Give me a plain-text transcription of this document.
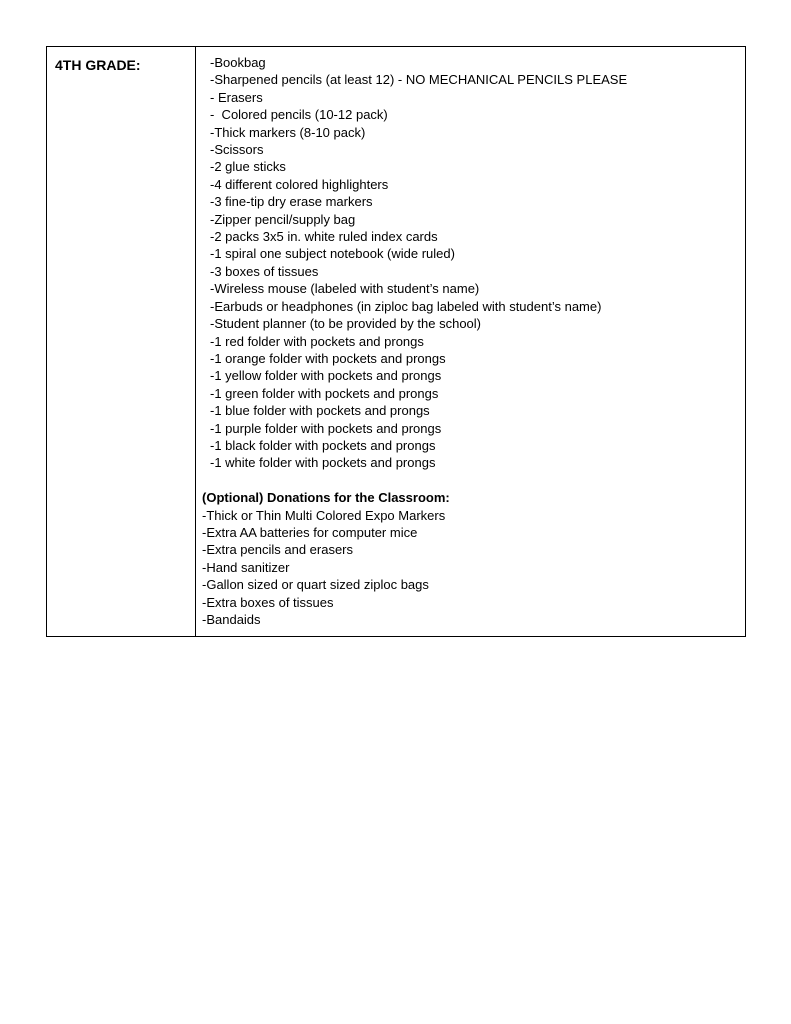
4TH GRADE:	-Bookbag
-Sharpened pencils (at least 12) - NO MECHANICAL PENCILS PLEASE
- Erasers
-  Colored pencils (10-12 pack)
-Thick markers (8-10 pack)
-Scissors
-2 glue sticks
-4 different colored highlighters
-3 fine-tip dry erase markers
-Zipper pencil/supply bag
-2 packs 3x5 in. white ruled index cards
-1 spiral one subject notebook (wide ruled)
-3 boxes of tissues
-Wireless mouse (labeled with student’s name)
-Earbuds or headphones (in ziploc bag labeled with student’s name)
-Student planner (to be provided by the school)
-1 red folder with pockets and prongs
-1 orange folder with pockets and prongs
-1 yellow folder with pockets and prongs
-1 green folder with pockets and prongs
-1 blue folder with pockets and prongs
-1 purple folder with pockets and prongs
-1 black folder with pockets and prongs
-1 white folder with pockets and prongs
(Optional) Donations for the Classroom:
-Thick or Thin Multi Colored Expo Markers
-Extra AA batteries for computer mice
-Extra pencils and erasers
-Hand sanitizer
-Gallon sized or quart sized ziploc bags
-Extra boxes of tissues
-Bandaids
